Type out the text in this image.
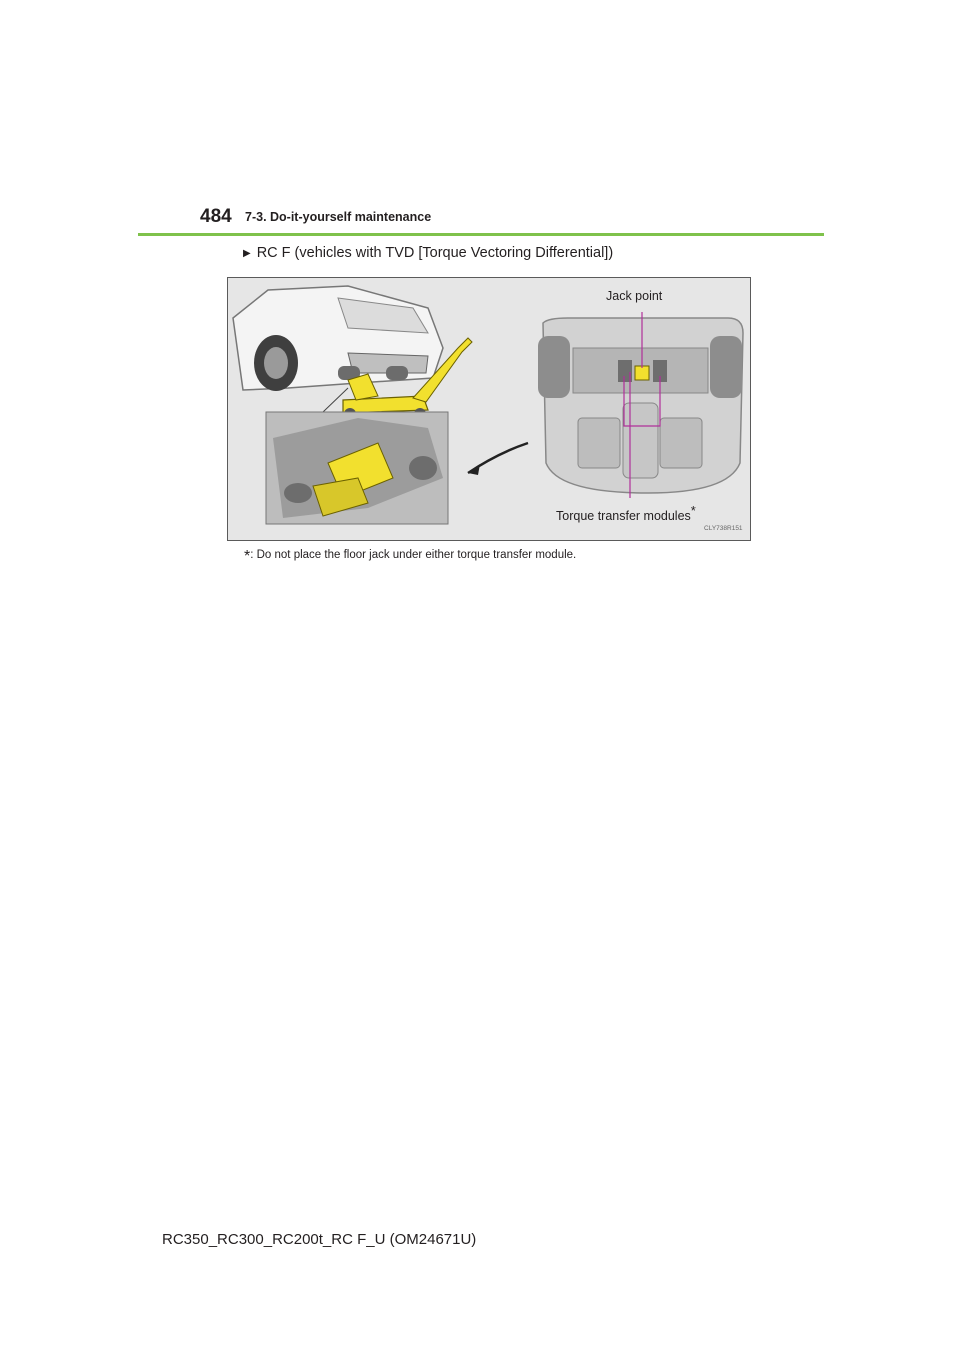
484 7-3. Do-it-yourself maintenance
▶ RC F (vehicles with TVD [Torque Vectoring Differential])
Jack point
Torque transfer modules*
CLY738R151
*: Do not place the floor jack under either torque transfer module.
RC350_RC300_RC200t_RC F_U (OM24671U)
